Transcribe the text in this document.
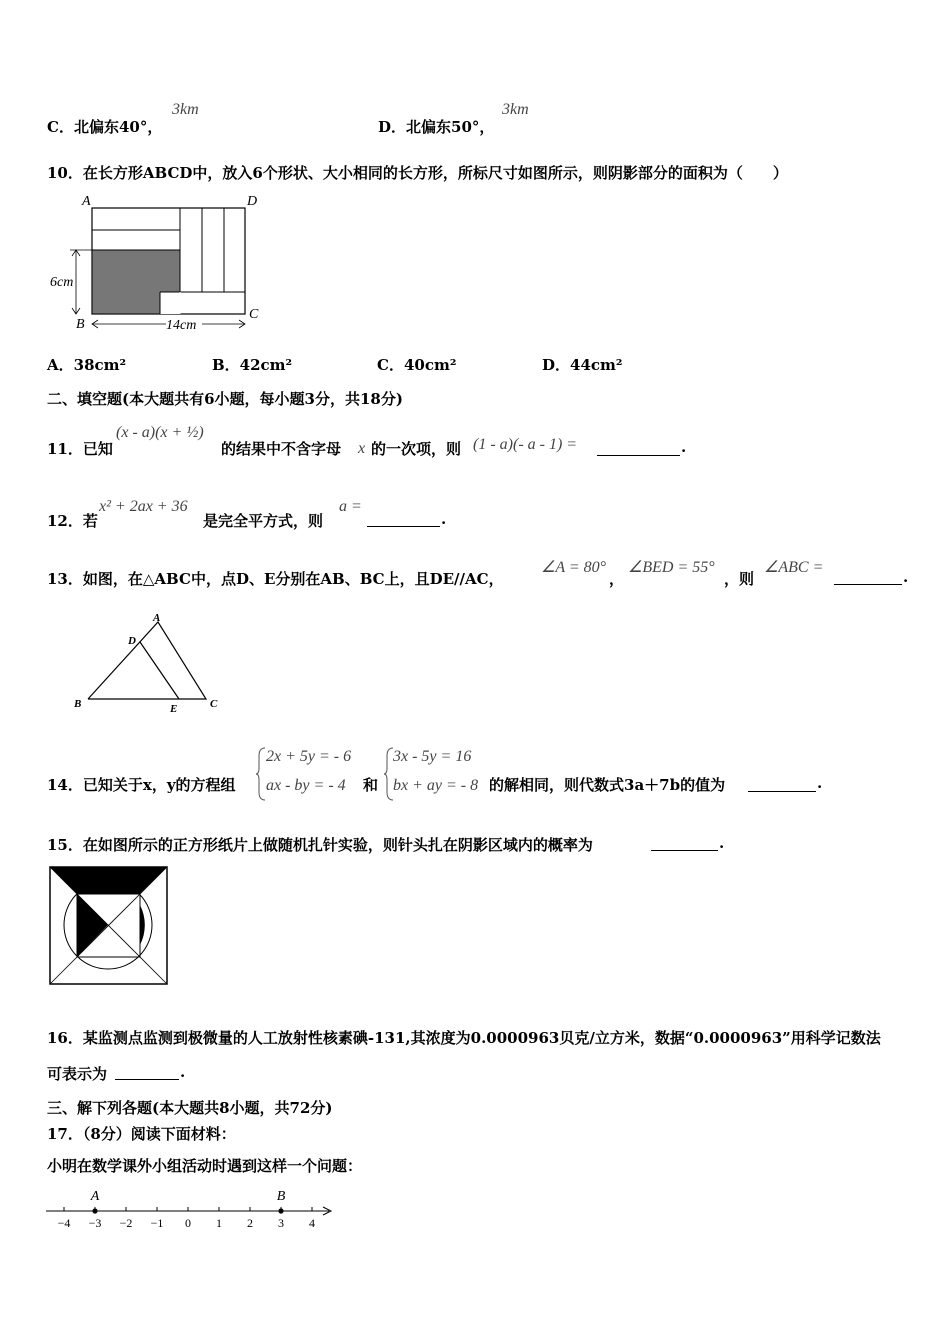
C．北偏东40°，
3km
D．北偏东50°，
3km
10．在长方形ABCD中，放入6个形状、大小相同的长方形，所标尺寸如图所示，则阴影部分的面积为（　　）
A	D
B
C
6cm
14cm
A．38cm²	B．42cm²	C．40cm²	D．44cm²
二、填空题(本大题共有6小题，每小题3分，共18分)
11．已知
(x - a)(x + ½)
的结果中不含字母 x 的一次项，则 (1 - a)(- a - 1) =	.
12．若
x² + 2ax + 36
是完全平方式，则
a =
.
13．如图，在△ABC中，点D、E分别在AB、BC上，且DE//AC，
∠A = 80°
，
∠BED = 55°
，则
∠ABC =
.
A
D
B	E	C
14．已知关于x，y的方程组
2x + 5y = - 6
ax - by = - 4 和
3x - 5y = 16
bx + ay = - 8 的解相同，则代数式3a＋7b的值为	.
15．在如图所示的正方形纸片上做随机扎针实验，则针头扎在阴影区域内的概率为	.
16．某监测点监测到极微量的人工放射性核素碘-131,其浓度为0.0000963贝克/立方米，数据“0.0000963”用科学记数法
可表示为	.
三、解下列各题(本大题共8小题，共72分)
17．（8分）阅读下面材料：
小明在数学课外小组活动时遇到这样一个问题：
−4 −3 −2 −1 0 1 2 3 4
A	B
